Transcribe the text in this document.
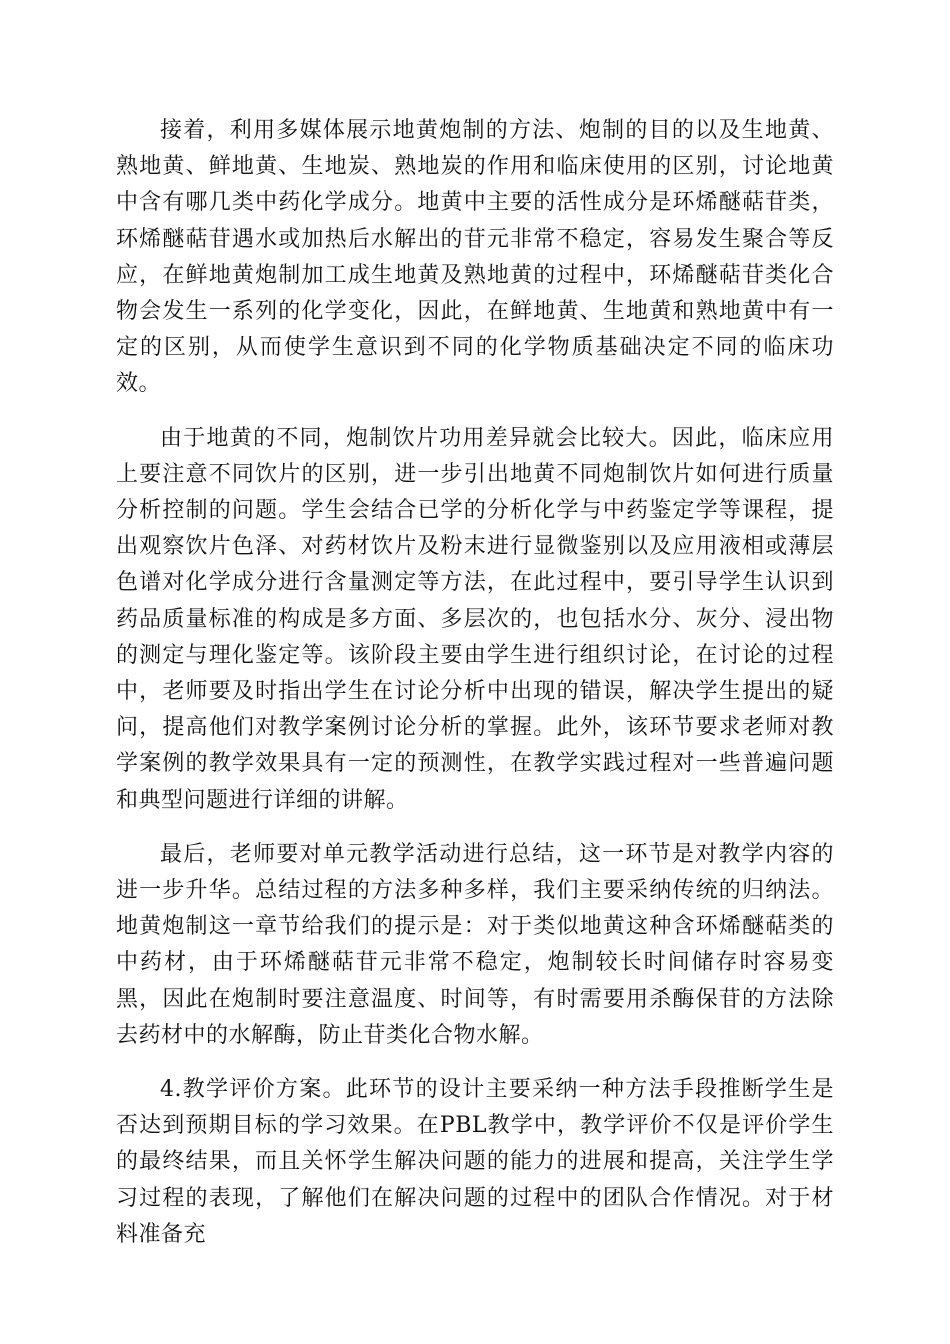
接着，利用多媒体展示地黄炮制的方法、炮制的目的以及生地黄、熟地黄、鲜地黄、生地炭、熟地炭的作用和临床使用的区别，讨论地黄中含有哪几类中药化学成分。地黄中主要的活性成分是环烯醚萜苷类，环烯醚萜苷遇水或加热后水解出的苷元非常不稳定，容易发生聚合等反应，在鲜地黄炮制加工成生地黄及熟地黄的过程中，环烯醚萜苷类化合物会发生一系列的化学变化，因此，在鲜地黄、生地黄和熟地黄中有一定的区别，从而使学生意识到不同的化学物质基础决定不同的临床功效。

由于地黄的不同，炮制饮片功用差异就会比较大。因此，临床应用上要注意不同饮片的区别，进一步引出地黄不同炮制饮片如何进行质量分析控制的问题。学生会结合已学的分析化学与中药鉴定学等课程，提出观察饮片色泽、对药材饮片及粉末进行显微鉴别以及应用液相或薄层色谱对化学成分进行含量测定等方法，在此过程中，要引导学生认识到药品质量标准的构成是多方面、多层次的，也包括水分、灰分、浸出物的测定与理化鉴定等。该阶段主要由学生进行组织讨论，在讨论的过程中，老师要及时指出学生在讨论分析中出现的错误，解决学生提出的疑问，提高他们对教学案例讨论分析的掌握。此外，该环节要求老师对教学案例的教学效果具有一定的预测性，在教学实践过程对一些普遍问题和典型问题进行详细的讲解。

最后，老师要对单元教学活动进行总结，这一环节是对教学内容的进一步升华。总结过程的方法多种多样，我们主要采纳传统的归纳法。地黄炮制这一章节给我们的提示是：对于类似地黄这种含环烯醚萜类的中药材，由于环烯醚萜苷元非常不稳定，炮制较长时间储存时容易变黑，因此在炮制时要注意温度、时间等，有时需要用杀酶保苷的方法除去药材中的水解酶，防止苷类化合物水解。

4.教学评价方案。此环节的设计主要采纳一种方法手段推断学生是否达到预期目标的学习效果。在PBL教学中，教学评价不仅是评价学生的最终结果，而且关怀学生解决问题的能力的进展和提高，关注学生学习过程的表现，了解他们在解决问题的过程中的团队合作情况。对于材料准备充
